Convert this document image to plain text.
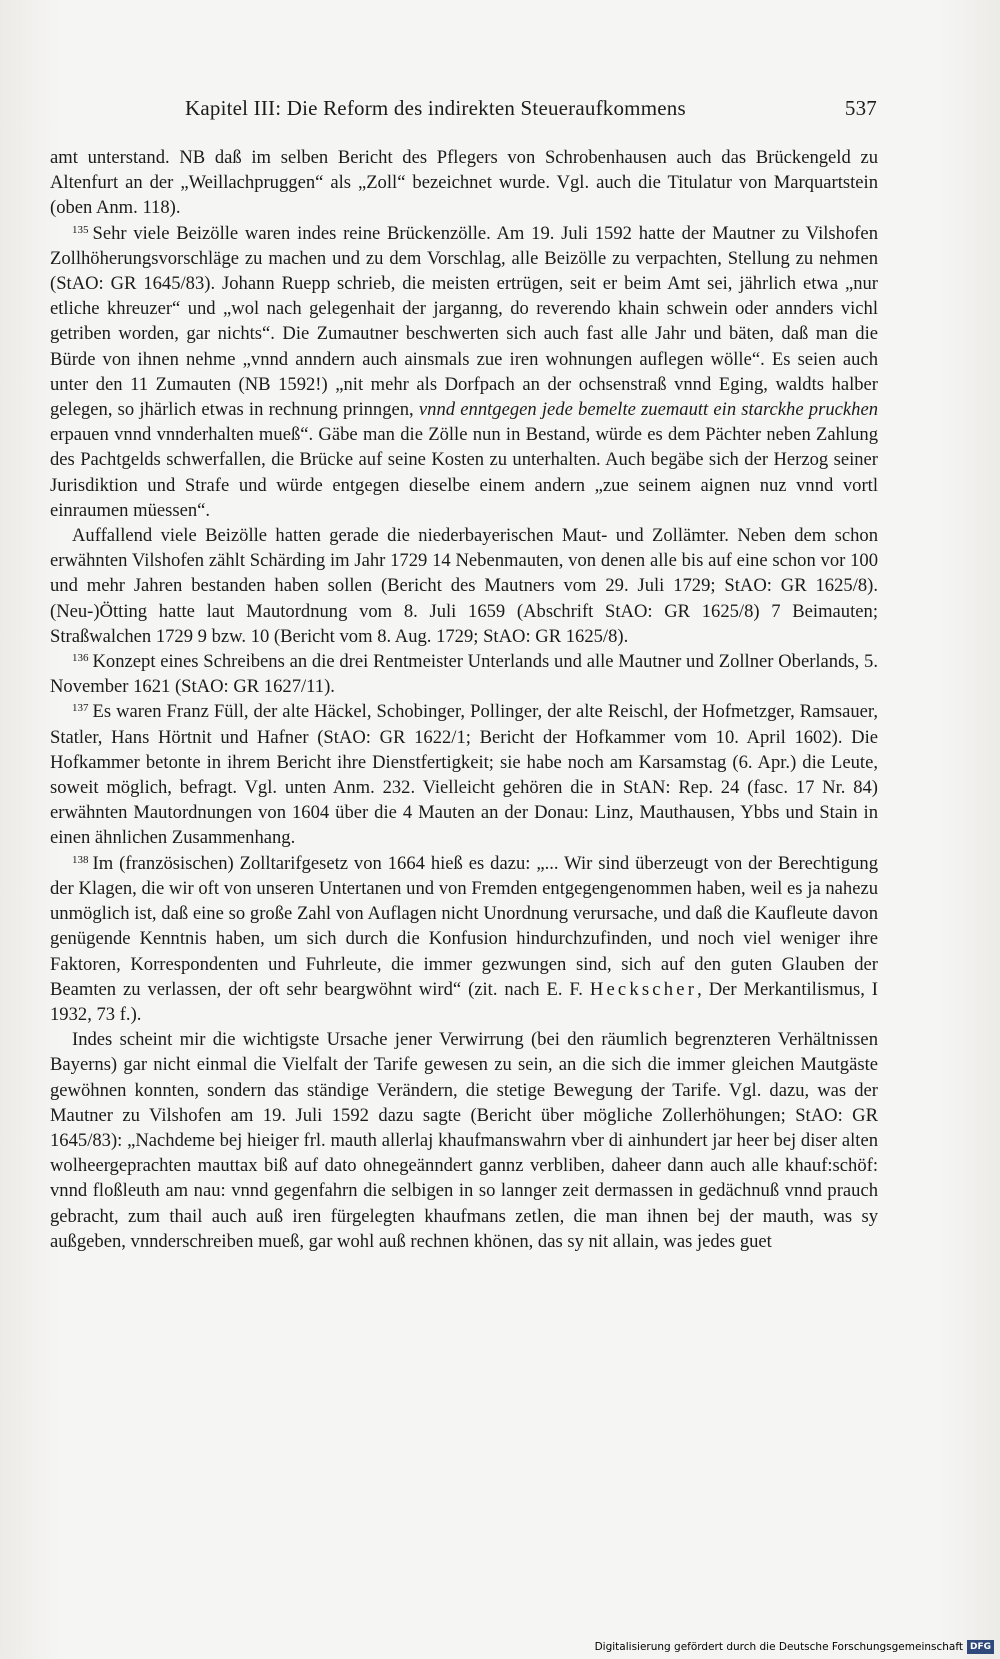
Kapitel III: Die Reform des indirekten Steueraufkommens	537

amt unterstand. NB daß im selben Bericht des Pflegers von Schrobenhausen auch das Brückengeld zu Altenfurt an der „Weillachpruggen“ als „Zoll“ bezeichnet wurde. Vgl. auch die Titulatur von Marquartstein (oben Anm. 118).

$^{135}$ Sehr viele Beizölle waren indes reine Brückenzölle. Am 19. Juli 1592 hatte der Mautner zu Vilshofen Zollhöherungsvorschläge zu machen und zu dem Vorschlag, alle Beizölle zu verpachten, Stellung zu nehmen (StAO: GR 1645/83). Johann Ruepp schrieb, die meisten ertrügen, seit er beim Amt sei, jährlich etwa „nur etliche khreuzer“ und „wol nach gelegenhait der jarganng, do reverendo khain schwein oder annders vichl getriben worden, gar nichts“. Die Zumautner beschwerten sich auch fast alle Jahr und bäten, daß man die Bürde von ihnen nehme „vnnd anndern auch ainsmals zue iren wohnungen auflegen wölle“. Es seien auch unter den 11 Zumauten (NB 1592!) „nit mehr als Dorfpach an der ochsenstraß vnnd Eging, waldts halber gelegen, so jhärlich etwas in rechnung prinngen, vnnd enntgegen jede bemelte zuemautt ein starckhe pruckhen erpauen vnnd vnnderhalten mueß“. Gäbe man die Zölle nun in Bestand, würde es dem Pächter neben Zahlung des Pachtgelds schwerfallen, die Brücke auf seine Kosten zu unterhalten. Auch begäbe sich der Herzog seiner Jurisdiktion und Strafe und würde entgegen dieselbe einem andern „zue seinem aignen nuz vnnd vortl einraumen müessen“.

Auffallend viele Beizölle hatten gerade die niederbayerischen Maut- und Zollämter. Neben dem schon erwähnten Vilshofen zählt Schärding im Jahr 1729 14 Nebenmauten, von denen alle bis auf eine schon vor 100 und mehr Jahren bestanden haben sollen (Bericht des Mautners vom 29. Juli 1729; StAO: GR 1625/8). (Neu-)Ötting hatte laut Mautordnung vom 8. Juli 1659 (Abschrift StAO: GR 1625/8) 7 Beimauten; Straßwalchen 1729 9 bzw. 10 (Bericht vom 8. Aug. 1729; StAO: GR 1625/8).

$^{136}$ Konzept eines Schreibens an die drei Rentmeister Unterlands und alle Mautner und Zollner Oberlands, 5. November 1621 (StAO: GR 1627/11).

$^{137}$ Es waren Franz Füll, der alte Häckel, Schobinger, Pollinger, der alte Reischl, der Hofmetzger, Ramsauer, Statler, Hans Hörtnit und Hafner (StAO: GR 1622/1; Bericht der Hofkammer vom 10. April 1602). Die Hofkammer betonte in ihrem Bericht ihre Dienstfertigkeit; sie habe noch am Karsamstag (6. Apr.) die Leute, soweit möglich, befragt. Vgl. unten Anm. 232. Vielleicht gehören die in StAN: Rep. 24 (fasc. 17 Nr. 84) erwähnten Mautordnungen von 1604 über die 4 Mauten an der Donau: Linz, Mauthausen, Ybbs und Stain in einen ähnlichen Zusammenhang.

$^{138}$ Im (französischen) Zolltarifgesetz von 1664 hieß es dazu: „... Wir sind überzeugt von der Berechtigung der Klagen, die wir oft von unseren Untertanen und von Fremden entgegengenommen haben, weil es ja nahezu unmöglich ist, daß eine so große Zahl von Auflagen nicht Unordnung verursache, und daß die Kaufleute davon genügende Kenntnis haben, um sich durch die Konfusion hindurchzufinden, und noch viel weniger ihre Faktoren, Korrespondenten und Fuhrleute, die immer gezwungen sind, sich auf den guten Glauben der Beamten zu verlassen, der oft sehr beargwöhnt wird“ (zit. nach E. F. Heckscher, Der Merkantilismus, I 1932, 73 f.).

Indes scheint mir die wichtigste Ursache jener Verwirrung (bei den räumlich begrenzteren Verhältnissen Bayerns) gar nicht einmal die Vielfalt der Tarife gewesen zu sein, an die sich die immer gleichen Mautgäste gewöhnen konnten, sondern das ständige Verändern, die stetige Bewegung der Tarife. Vgl. dazu, was der Mautner zu Vilshofen am 19. Juli 1592 dazu sagte (Bericht über mögliche Zollerhöhungen; StAO: GR 1645/83): „Nachdeme bej hieiger frl. mauth allerlaj khaufmanswahrn vber di ainhundert jar heer bej diser alten wolheergeprachten mauttax biß auf dato ohnegeänndert gannz verbliben, daheer dann auch alle khauf:schöf: vnnd floßleuth am nau: vnnd gegenfahrn die selbigen in so lannger zeit dermassen in gedächnuß vnnd prauch gebracht, zum thail auch auß iren fürgelegten khaufmans zetlen, die man ihnen bej der mauth, was sy außgeben, vnnderschreiben mueß, gar wohl auß rechnen khönen, das sy nit allain, was jedes guet

Digitalisierung gefördert durch die Deutsche Forschungsgemeinschaft DFG
